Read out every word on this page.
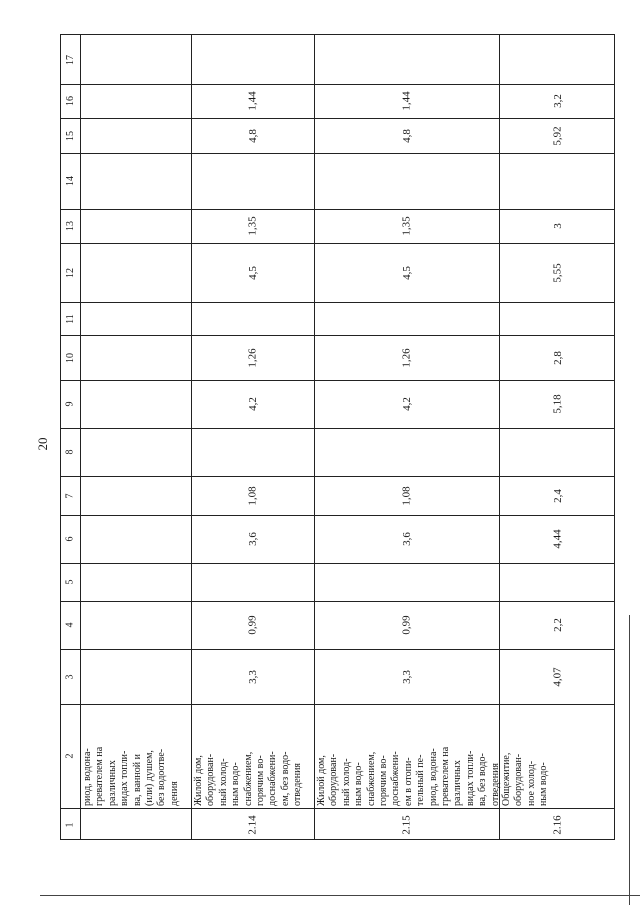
20
1
2
3
4
5
6
7
8
9
10
11
12
13
14
15
16
17
риод, водона-
гревателем на
различных
видах топли-
ва, ванной и
(или) душем,
без водоотве-
дения
2.14
Жилой дом,
оборудован-
ный холод-
ным водо-
снабжением,
горячим во-
доснабжени-
ем, без водо-
отведения
3,3
0,99
3,6
1,08
4,2
1,26
4,5
1,35
4,8
1,44
2.15
Жилой дом,
оборудован-
ный холод-
ным водо-
снабжением,
горячим во-
доснабжени-
ем в отопи-
тельный пе-
риод, водона-
гревателем на
различных
видах топли-
ва, без водо-
отведения
3,3
0,99
3,6
1,08
4,2
1,26
4,5
1,35
4,8
1,44
2.16
Общежитие,
оборудован-
ное холод-
ным водо-
4,07
2,2
4,44
2,4
5,18
2,8
5,55
3
5,92
3,2
